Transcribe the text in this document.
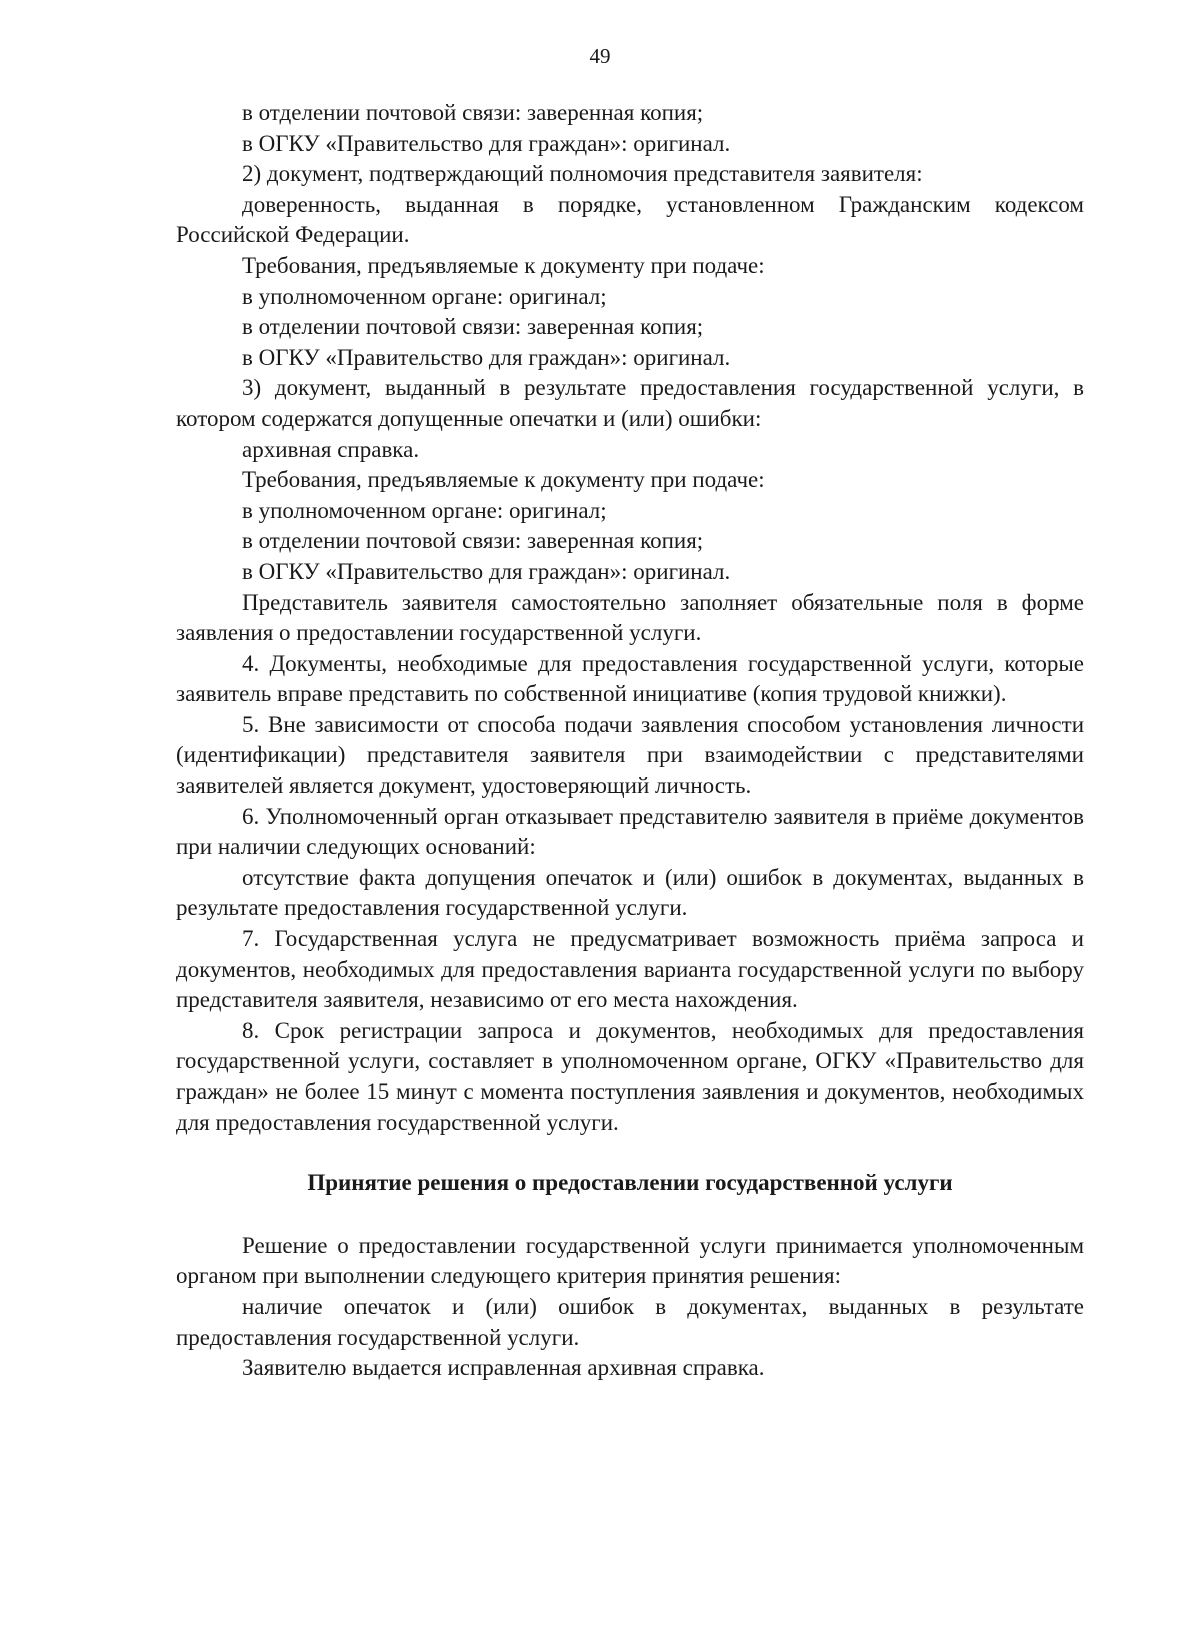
49

в отделении почтовой связи: заверенная копия;

в ОГКУ «Правительство для граждан»: оригинал.

2) документ, подтверждающий полномочия представителя заявителя:

доверенность, выданная в порядке, установленном Гражданским кодексом Российской Федерации.

Требования, предъявляемые к документу при подаче:

в уполномоченном органе: оригинал;

в отделении почтовой связи: заверенная копия;

в ОГКУ «Правительство для граждан»: оригинал.

3) документ, выданный в результате предоставления государственной услуги, в котором содержатся допущенные опечатки и (или) ошибки:

архивная справка.

Требования, предъявляемые к документу при подаче:

в уполномоченном органе: оригинал;

в отделении почтовой связи: заверенная копия;

в ОГКУ «Правительство для граждан»: оригинал.

Представитель заявителя самостоятельно заполняет обязательные поля в форме заявления о предоставлении государственной услуги.

4. Документы, необходимые для предоставления государственной услуги, которые заявитель вправе представить по собственной инициативе (копия трудовой книжки).

5. Вне зависимости от способа подачи заявления способом установления личности (идентификации) представителя заявителя при взаимодействии с представителями заявителей является документ, удостоверяющий личность.

6. Уполномоченный орган отказывает представителю заявителя в приёме документов при наличии следующих оснований:

отсутствие факта допущения опечаток и (или) ошибок в документах, выданных в результате предоставления государственной услуги.

7. Государственная услуга не предусматривает возможность приёма запроса и документов, необходимых для предоставления варианта государственной услуги по выбору представителя заявителя, независимо от его места нахождения.

8. Срок регистрации запроса и документов, необходимых для предоставления государственной услуги, составляет в уполномоченном органе, ОГКУ «Правительство для граждан» не более 15 минут с момента поступления заявления и документов, необходимых для предоставления государственной услуги.

Принятие решения о предоставлении государственной услуги

Решение о предоставлении государственной услуги принимается уполномоченным органом при выполнении следующего критерия принятия решения:

наличие опечаток и (или) ошибок в документах, выданных в результате предоставления государственной услуги.

Заявителю выдается исправленная архивная справка.
